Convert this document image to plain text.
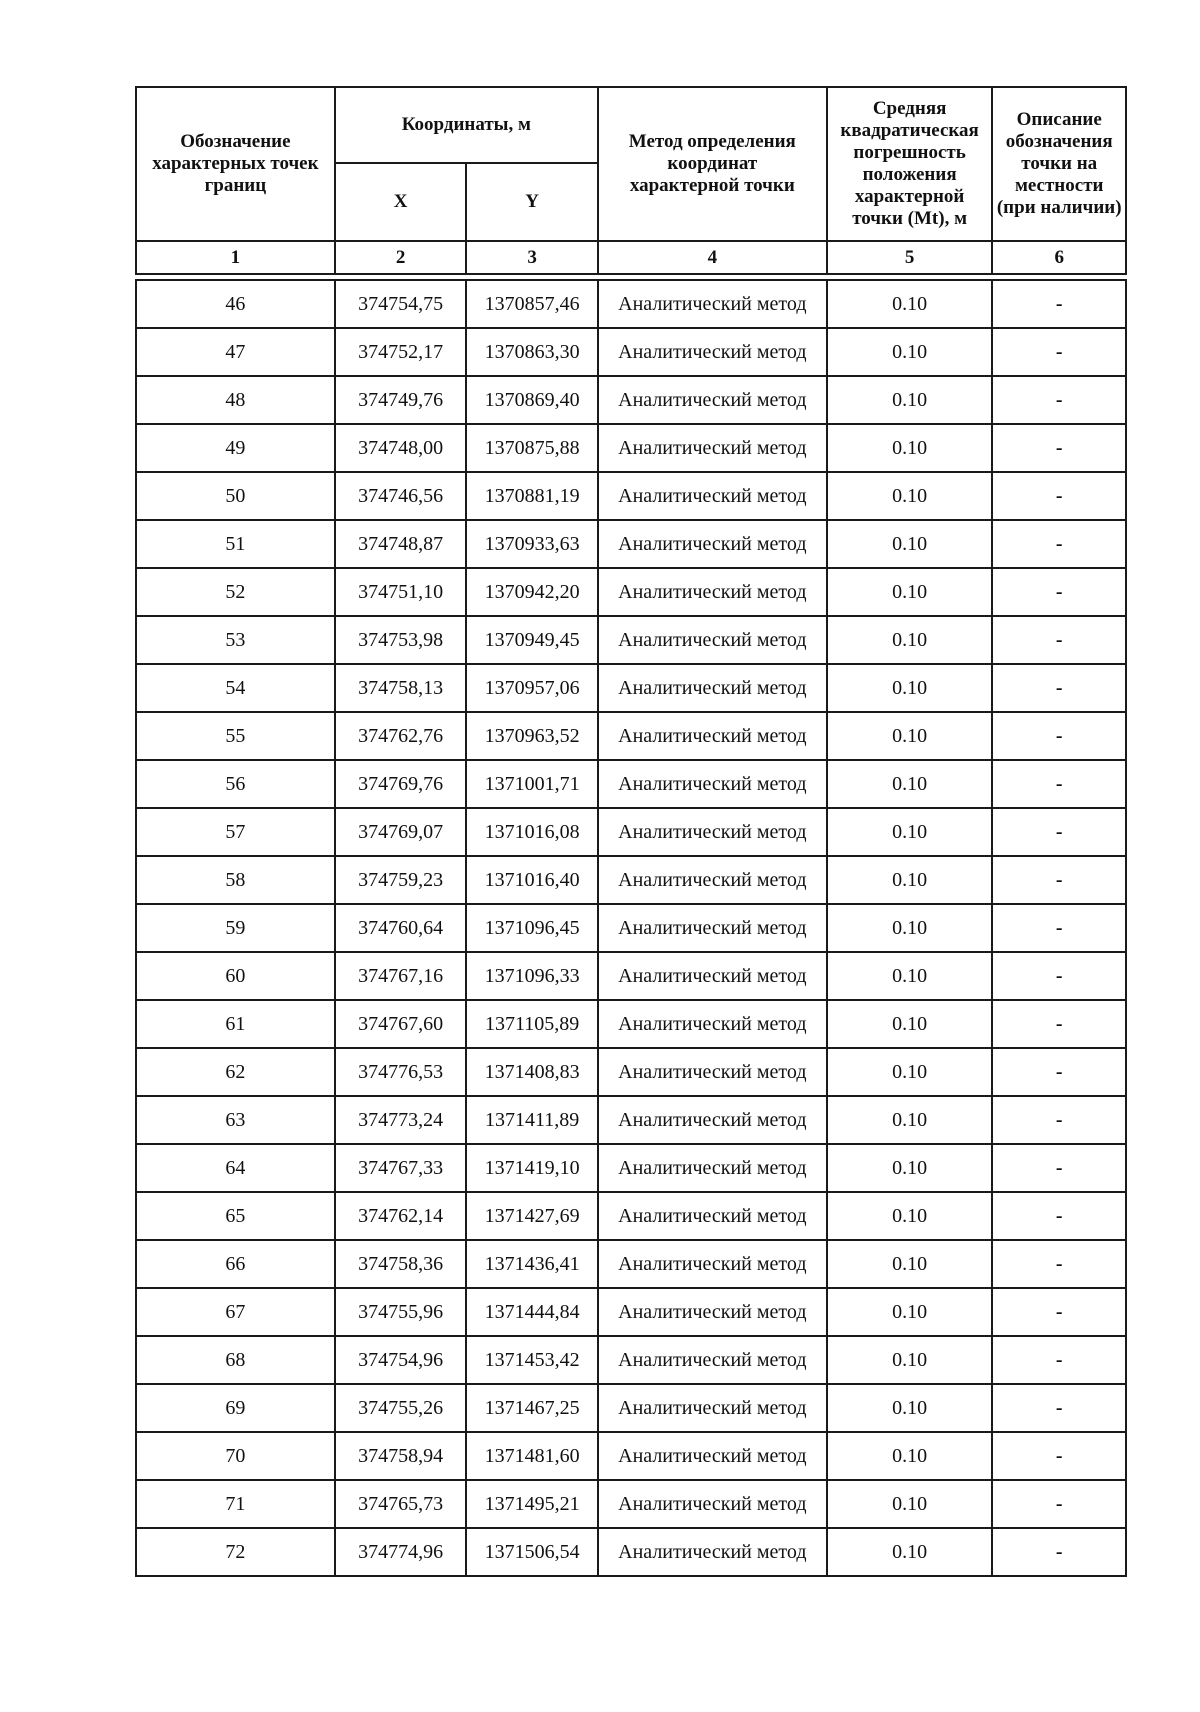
Обозначение характерных точек границ	Координаты, м		Метод определения координат характерной точки	Средняя квадратическая погрешность положения характерной точки (Mt), м	Описание обозначения точки на местности (при наличии)
	X	Y			
1	2	3	4	5	6
46	374754,75	1370857,46	Аналитический метод	0.10	-
47	374752,17	1370863,30	Аналитический метод	0.10	-
48	374749,76	1370869,40	Аналитический метод	0.10	-
49	374748,00	1370875,88	Аналитический метод	0.10	-
50	374746,56	1370881,19	Аналитический метод	0.10	-
51	374748,87	1370933,63	Аналитический метод	0.10	-
52	374751,10	1370942,20	Аналитический метод	0.10	-
53	374753,98	1370949,45	Аналитический метод	0.10	-
54	374758,13	1370957,06	Аналитический метод	0.10	-
55	374762,76	1370963,52	Аналитический метод	0.10	-
56	374769,76	1371001,71	Аналитический метод	0.10	-
57	374769,07	1371016,08	Аналитический метод	0.10	-
58	374759,23	1371016,40	Аналитический метод	0.10	-
59	374760,64	1371096,45	Аналитический метод	0.10	-
60	374767,16	1371096,33	Аналитический метод	0.10	-
61	374767,60	1371105,89	Аналитический метод	0.10	-
62	374776,53	1371408,83	Аналитический метод	0.10	-
63	374773,24	1371411,89	Аналитический метод	0.10	-
64	374767,33	1371419,10	Аналитический метод	0.10	-
65	374762,14	1371427,69	Аналитический метод	0.10	-
66	374758,36	1371436,41	Аналитический метод	0.10	-
67	374755,96	1371444,84	Аналитический метод	0.10	-
68	374754,96	1371453,42	Аналитический метод	0.10	-
69	374755,26	1371467,25	Аналитический метод	0.10	-
70	374758,94	1371481,60	Аналитический метод	0.10	-
71	374765,73	1371495,21	Аналитический метод	0.10	-
72	374774,96	1371506,54	Аналитический метод	0.10	-
